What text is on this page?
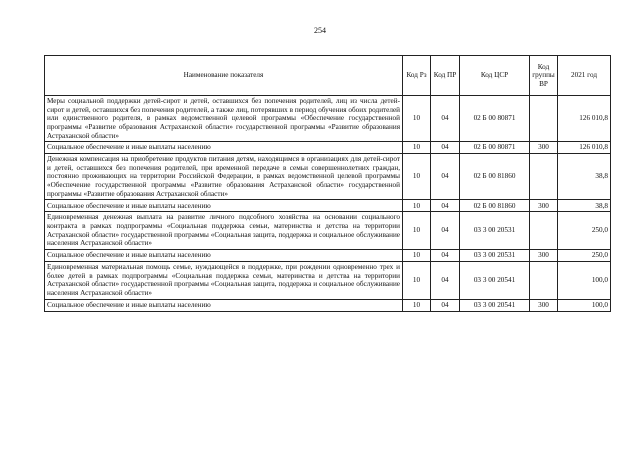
254
Наименование показателя	Код Рз	Код ПР	Код ЦСР	Код группы ВР	2021 год
Меры социальной поддержки детей-сирот и детей, оставшихся без попечения родителей, лиц из числа детей-сирот и детей, оставшихся без попечения родителей, а также лиц, потерявших в период обучения обоих родителей или единственного родителя, в рамках ведомственной целевой программы «Обеспечение государственной программы «Развитие образования Астраханской области» государственной программы «Развитие образования Астраханской области»	10	04	02 Б 00 80871		126 010,8
Социальное обеспечение и иные выплаты населению	10	04	02 Б 00 80871	300	126 010,8
Денежная компенсация на приобретение продуктов питания детям, находящимся в организациях для детей-сирот и детей, оставшихся без попечения родителей, при временной передаче в семьи совершеннолетних граждан, постоянно проживающих на территории Российской Федерации, в рамках ведомственной целевой программы «Обеспечение государственной программы «Развитие образования Астраханской области» государственной программы «Развитие образования Астраханской области»	10	04	02 Б 00 81860		38,8
Социальное обеспечение и иные выплаты населению	10	04	02 Б 00 81860	300	38,8
Единовременная денежная выплата на развитие личного подсобного хозяйства на основании социального контракта в рамках подпрограммы «Социальная поддержка семьи, материнства и детства на территории Астраханской области» государственной программы «Социальная защита, поддержка и социальное обслуживание населения Астраханской области»	10	04	03 3 00 20531		250,0
Социальное обеспечение и иные выплаты населению	10	04	03 3 00 20531	300	250,0
Единовременная материальная помощь семье, нуждающейся в поддержке, при рождении одновременно трех и более детей в рамках подпрограммы «Социальная поддержка семьи, материнства и детства на территории Астраханской области» государственной программы «Социальная защита, поддержка и социальное обслуживание населения Астраханской области»	10	04	03 3 00 20541		100,0
Социальное обеспечение и иные выплаты населению	10	04	03 3 00 20541	300	100,0
